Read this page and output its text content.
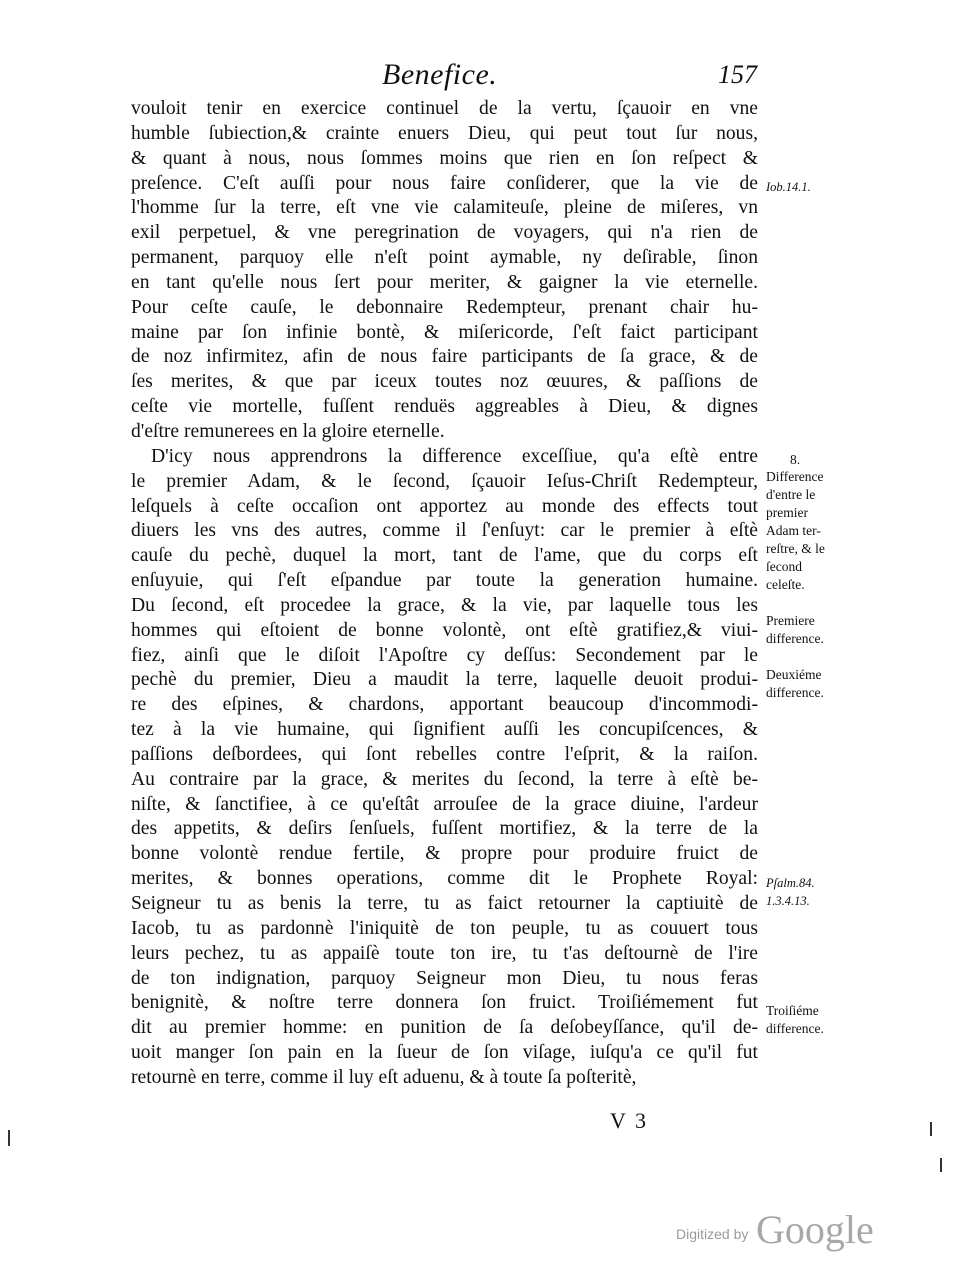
Benefice.	157
vouloit tenir en exercice continuel de la vertu, ſçauoir en vne
humble ſubiection,& crainte enuers Dieu, qui peut tout ſur nous,
& quant à nous, nous ſommes moins que rien en ſon reſpect &
preſence. C'eſt auſſi pour nous faire conſiderer, que la vie de
l'homme ſur la terre, eſt vne vie calamiteuſe, pleine de miſeres, vn
exil perpetuel, & vne peregrination de voyagers, qui n'a rien de
permanent, parquoy elle n'eſt point aymable, ny deſirable, ſinon
en tant qu'elle nous ſert pour meriter, & gaigner la vie eternelle.
Pour ceſte cauſe, le debonnaire Redempteur, prenant chair hu-
maine par ſon infinie bontè, & miſericorde, ſ'eſt faict participant
de noz infirmitez, afin de nous faire participants de ſa grace, & de
ſes merites, & que par iceux toutes noz œuures, & paſſions de
ceſte vie mortelle, fuſſent renduës aggreables à Dieu, & dignes
d'eſtre remunerees en la gloire eternelle.
D'icy nous apprendrons la difference exceſſiue, qu'a eſtè entre
le premier Adam, & le ſecond, ſçauoir Ieſus-Chriſt Redempteur,
leſquels à ceſte occaſion ont apportez au monde des effects tout
diuers les vns des autres, comme il ſ'enſuyt: car le premier à eſtè
cauſe du pechè, duquel la mort, tant de l'ame, que du corps eſt
enſuyuie, qui ſ'eſt eſpandue par toute la generation humaine.
Du ſecond, eſt procedee la grace, & la vie, par laquelle tous les
hommes qui eſtoient de bonne volontè, ont eſtè gratifiez,& viui-
fiez, ainſi que le diſoit l'Apoſtre cy deſſus: Secondement par le
pechè du premier, Dieu a maudit la terre, laquelle deuoit produi-
re des eſpines, & chardons, apportant beaucoup d'incommodi-
tez à la vie humaine, qui ſignifient auſſi les concupiſcences, &
paſſions deſbordees, qui ſont rebelles contre l'eſprit, & la raiſon.
Au contraire par la grace, & merites du ſecond, la terre à eſtè be-
niſte, & ſanctifiee, à ce qu'eſtât arrouſee de la grace diuine, l'ardeur
des appetits, & deſirs ſenſuels, fuſſent mortifiez, & la terre de la
bonne volontè rendue fertile, & propre pour produire fruict de
merites, & bonnes operations, comme dit le Prophete Royal:
Seigneur tu as benis la terre, tu as faict retourner la captiuitè de
Iacob, tu as pardonnè l'iniquitè de ton peuple, tu as couuert tous
leurs pechez, tu as appaiſè toute ton ire, tu t'as deſtournè de l'ire
de ton indignation, parquoy Seigneur mon Dieu, tu nous feras
benignitè, & noſtre terre donnera ſon fruict. Troiſiémement fut
dit au premier homme: en punition de ſa deſobeyſſance, qu'il de-
uoit manger ſon pain en la ſueur de ſon viſage, iuſqu'a ce qu'il fut
retournè en terre, comme il luy eſt aduenu, & à toute ſa poſteritè,
Iob.14.1.
8.
Difference
d'entre le
premier
Adam ter-
reſtre, & le
ſecond
celeſte.
Premiere
difference.
Deuxiéme
difference.
Pſalm.84.
1.3.4.13.
Troiſiéme
difference.
V 3
Digitized by Google
